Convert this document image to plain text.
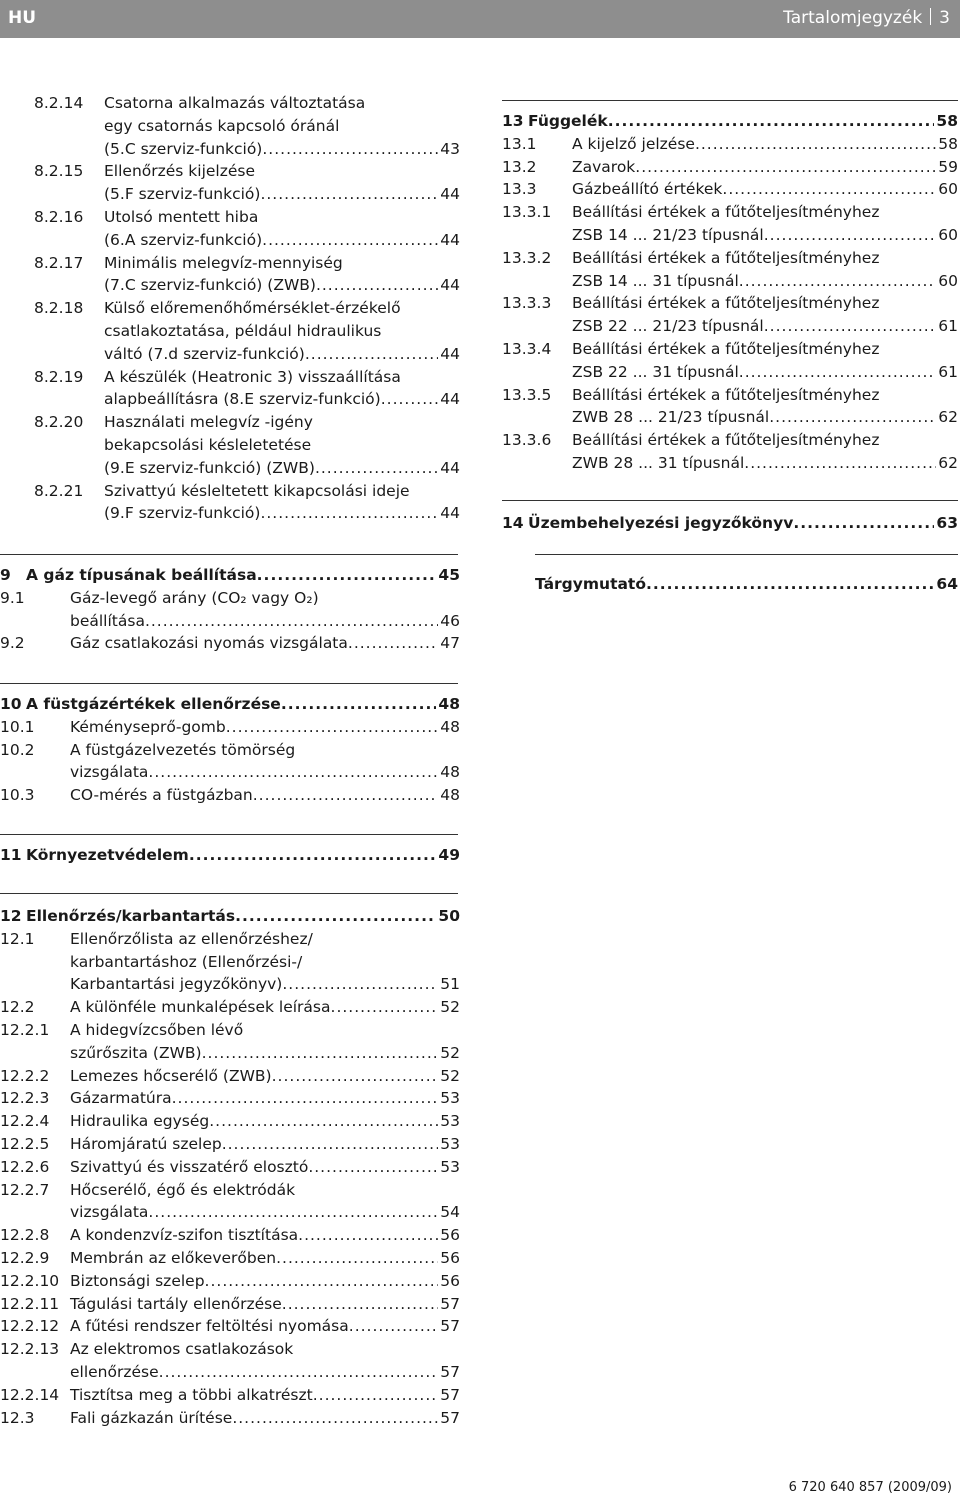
HU	Tartalomjegyzék 3
8.2.14	Csatorna alkalmazás változtatása
egy csatornás kapcsoló óránál
(5.C szerviz-funkció) .....	43
8.2.15	Ellenőrzés kijelzése
(5.F szerviz-funkció) .....	44
8.2.16	Utolsó mentett hiba
(6.A szerviz-funkció) .....	44
8.2.17	Minimális melegvíz-mennyiség
(7.C szerviz-funkció) (ZWB) .....	44
8.2.18	Külső előremenőhőmérséklet-érzékelő
csatlakoztatása, például hidraulikus
váltó (7.d szerviz-funkció) .....	44
8.2.19	A készülék (Heatronic 3) visszaállítása
alapbeállításra (8.E szerviz-funkció) .....	44
8.2.20	Használati melegvíz -igény
bekapcsolási késleletetése
(9.E szerviz-funkció) (ZWB) .....	44
8.2.21	Szivattyú késleltetett kikapcsolási ideje
(9.F szerviz-funkció) .....	44
9 A gáz típusának beállítása .....	45
9.1	Gáz-levegő arány (CO₂ vagy O₂)
beállítása .....	46
9.2	Gáz csatlakozási nyomás vizsgálata .....	47
10 A füstgázértékek ellenőrzése .....	48
10.1	Kéményseprő-gomb .....	48
10.2	A füstgázelvezetés tömörség
vizsgálata .....	48
10.3	CO-mérés a füstgázban .....	48
11 Környezetvédelem .....	49
12 Ellenőrzés/karbantartás .....	50
12.1	Ellenőrzőlista az ellenőrzéshez/
karbantartáshoz (Ellenőrzési-/
Karbantartási jegyzőkönyv) .....	51
12.2	A különféle munkalépések leírása .....	52
12.2.1	A hidegvízcsőben lévő
szűrőszita (ZWB) .....	52
12.2.2	Lemezes hőcserélő (ZWB) .....	52
12.2.3	Gázarmatúra .....	53
12.2.4	Hidraulika egység .....	53
12.2.5	Háromjáratú szelep .....	53
12.2.6	Szivattyú és visszatérő elosztó .....	53
12.2.7	Hőcserélő, égő és elektródák
vizsgálata .....	54
12.2.8	A kondenzvíz-szifon tisztítása .....	56
12.2.9	Membrán az előkeverőben .....	56
12.2.10 Biztonsági szelep .....	56
12.2.11 Tágulási tartály ellenőrzése .....	57
12.2.12 A fűtési rendszer feltöltési nyomása .....	57
12.2.13 Az elektromos csatlakozások
ellenőrzése .....	57
12.2.14 Tisztítsa meg a többi alkatrészt .....	57
12.3	Fali gázkazán ürítése .....	57
13 Függelék .....	58
13.1	A kijelző jelzése .....	58
13.2	Zavarok .....	59
13.3	Gázbeállító értékek .....	60
13.3.1	Beállítási értékek a fűtőteljesítményhez
ZSB 14 ... 21/23 típusnál .....	60
13.3.2	Beállítási értékek a fűtőteljesítményhez
ZSB 14 ... 31 típusnál .....	60
13.3.3	Beállítási értékek a fűtőteljesítményhez
ZSB 22 ... 21/23 típusnál .....	61
13.3.4	Beállítási értékek a fűtőteljesítményhez
ZSB 22 ... 31 típusnál .....	61
13.3.5	Beállítási értékek a fűtőteljesítményhez
ZWB 28 ... 21/23 típusnál .....	62
13.3.6	Beállítási értékek a fűtőteljesítményhez
ZWB 28 ... 31 típusnál .....	62
14 Üzembehelyezési jegyzőkönyv .....	63
Tárgymutató .....	64
6 720 640 857 (2009/09)
